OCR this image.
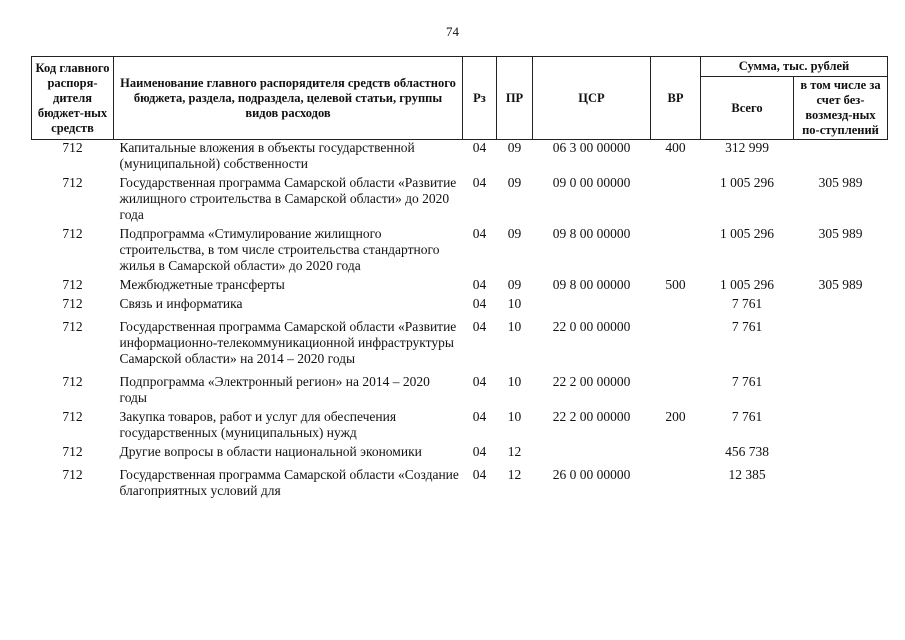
74
Код главного распоря-дителя бюджет-ных средств	Наименование главного распорядителя средств областного бюджета, раздела, подраздела, целевой статьи, группы видов расходов	Рз	ПР	ЦСР	ВР	Сумма, тыс. рублей	
						Всего	в том числе за счет без-возмезд-ных по-ступлений
712	Капитальные вложения в объекты государственной (муниципальной) собственности	04	09	06 3 00 00000	400	312 999	
712	Государственная программа Самарской области «Развитие жилищного строительства в Самарской области» до 2020 года	04	09	09 0 00 00000		1 005 296	305 989
712	Подпрограмма «Стимулирование жилищного строительства, в том числе строительства стандартного жилья в Самарской области» до 2020 года	04	09	09 8 00 00000		1 005 296	305 989
712	Межбюджетные трансферты	04	09	09 8 00 00000	500	1 005 296	305 989
712	Связь и информатика	04	10			7 761	
712	Государственная программа Самарской области «Развитие информационно-телекоммуникационной инфраструктуры Самарской области» на 2014 – 2020 годы	04	10	22 0 00 00000		7 761	
712	Подпрограмма «Электронный регион» на 2014 – 2020 годы	04	10	22 2 00 00000		7 761	
712	Закупка товаров, работ и услуг для обеспечения государственных (муниципальных) нужд	04	10	22 2 00 00000	200	7 761	
712	Другие вопросы в области национальной экономики	04	12			456 738	
712	Государственная программа Самарской области «Создание благоприятных условий для	04	12	26 0 00 00000		12 385	
